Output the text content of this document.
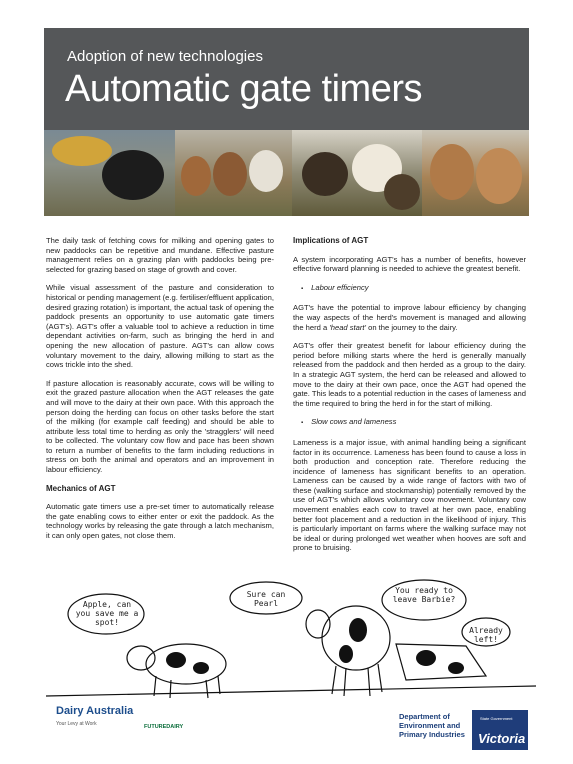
Adoption of new technologies
Automatic gate timers

The daily task of fetching cows for milking and opening gates to new paddocks can be repetitive and mundane. Effective pasture management relies on a grazing plan with paddocks being pre-selected for grazing based on stage of growth and cover.

While visual assessment of the pasture and consideration to historical or pending management (e.g. fertiliser/effluent application, desired grazing rotation) is important, the actual task of opening the paddock presents an opportunity to use automatic gate timers (AGT's). AGT's offer a valuable tool to achieve a reduction in time dependant activities on-farm, such as bringing the herd in and opening the new allocation of pasture. AGT's can allow cows voluntary movement to the dairy, allowing milking to start as the cows trickle into the shed.

If pasture allocation is reasonably accurate, cows will be willing to exit the grazed pasture allocation when the AGT releases the gate and will move to the dairy at their own pace. With this approach the person doing the herding can focus on other tasks before the start of the milking (for example calf feeding) and should be able to attribute less total time to herding as only the 'stragglers' will need to be collected. The voluntary cow flow and pace has been shown to return a number of benefits to the farm including reductions in stress on both the animal and operators and an improvement in labour efficiency.

Mechanics of AGT

Automatic gate timers use a pre-set timer to automatically release the gate enabling cows to either enter or exit the paddock. As the technology works by releasing the gate through a latch mechanism, it can only open gates, not close them.

Implications of AGT

A system incorporating AGT's has a number of benefits, however effective forward planning is needed to achieve the greatest benefit.

▪ Labour efficiency

AGT's have the potential to improve labour efficiency by changing the way aspects of the herd's movement is managed and allowing the herd a 'head start' on the journey to the dairy.

AGT's offer their greatest benefit for labour efficiency during the period before milking starts where the herd is generally manually released from the paddock and then herded as a group to the dairy. In a strategic AGT system, the herd can be released and allowed to move to the dairy at their own pace, once the AGT had opened the gate. This leads to a potential reduction in the cases of lameness and the time required to bring the herd in for the start of milking.

▪ Slow cows and lameness

Lameness is a major issue, with animal handling being a significant factor in its occurrence. Lameness has been found to cause a loss in both production and conception rate. Therefore reducing the incidence of lameness has significant benefits to an operation. Lameness can be caused by a wide range of factors with two of these (walking surface and stockmanship) potentially removed by the use of AGT's which allows voluntary cow movement. Voluntary cow movement enables each cow to travel at her own pace, enabling better foot placement and a reduction in the likelihood of injury. This is particularly important on farms where the walking surface may not be ideal or during prolonged wet weather when hooves are soft and prone to bruising.

Apple, can you save me a spot!
Sure can Pearl
You ready to leave Barbie?
Already left!
Dairy Australia
Your Levy at Work	FUTUREDAIRY
Department of
Environment and
Primary Industries
State Government
Victoria
